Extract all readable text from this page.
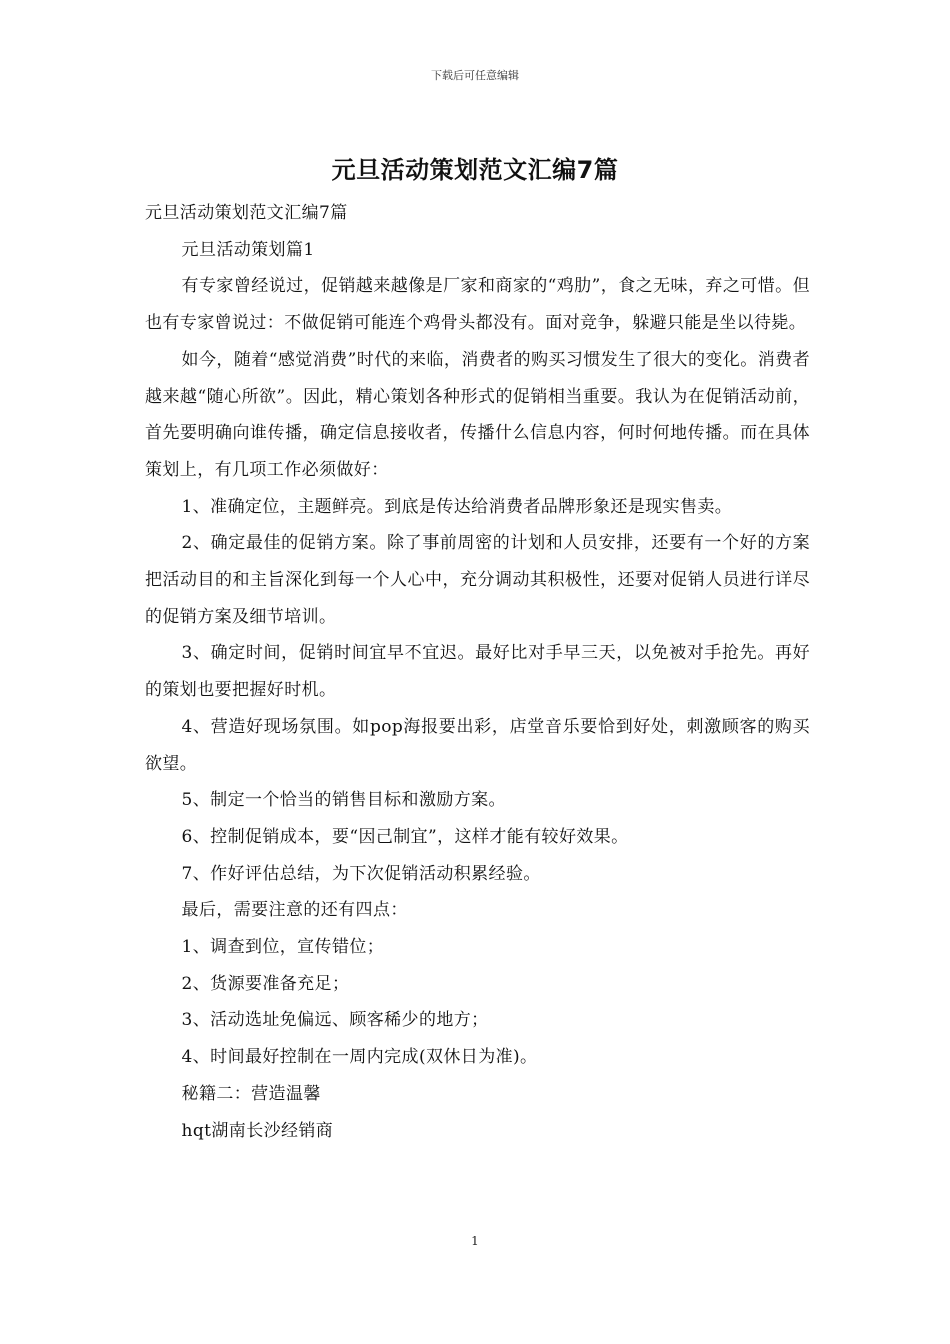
下载后可任意编辑
元旦活动策划范文汇编7篇

元旦活动策划范文汇编7篇

元旦活动策划篇1

有专家曾经说过，促销越来越像是厂家和商家的“鸡肋”，食之无味，弃之可惜。但也有专家曾说过：不做促销可能连个鸡骨头都没有。面对竞争，躲避只能是坐以待毙。

如今，随着“感觉消费”时代的来临，消费者的购买习惯发生了很大的变化。消费者越来越“随心所欲”。因此，精心策划各种形式的促销相当重要。我认为在促销活动前，首先要明确向谁传播，确定信息接收者，传播什么信息内容，何时何地传播。而在具体策划上，有几项工作必须做好：

1、准确定位，主题鲜亮。到底是传达给消费者品牌形象还是现实售卖。

2、确定最佳的促销方案。除了事前周密的计划和人员安排，还要有一个好的方案把活动目的和主旨深化到每一个人心中，充分调动其积极性，还要对促销人员进行详尽的促销方案及细节培训。

3、确定时间，促销时间宜早不宜迟。最好比对手早三天，以免被对手抢先。再好的策划也要把握好时机。

4、营造好现场氛围。如pop海报要出彩，店堂音乐要恰到好处，刺激顾客的购买欲望。

5、制定一个恰当的销售目标和激励方案。

6、控制促销成本，要“因己制宜”，这样才能有较好效果。

7、作好评估总结，为下次促销活动积累经验。

最后，需要注意的还有四点：

1、调查到位，宣传错位；

2、货源要准备充足；

3、活动选址免偏远、顾客稀少的地方；

4、时间最好控制在一周内完成(双休日为准)。

秘籍二：营造温馨

hqt湖南长沙经销商

1
